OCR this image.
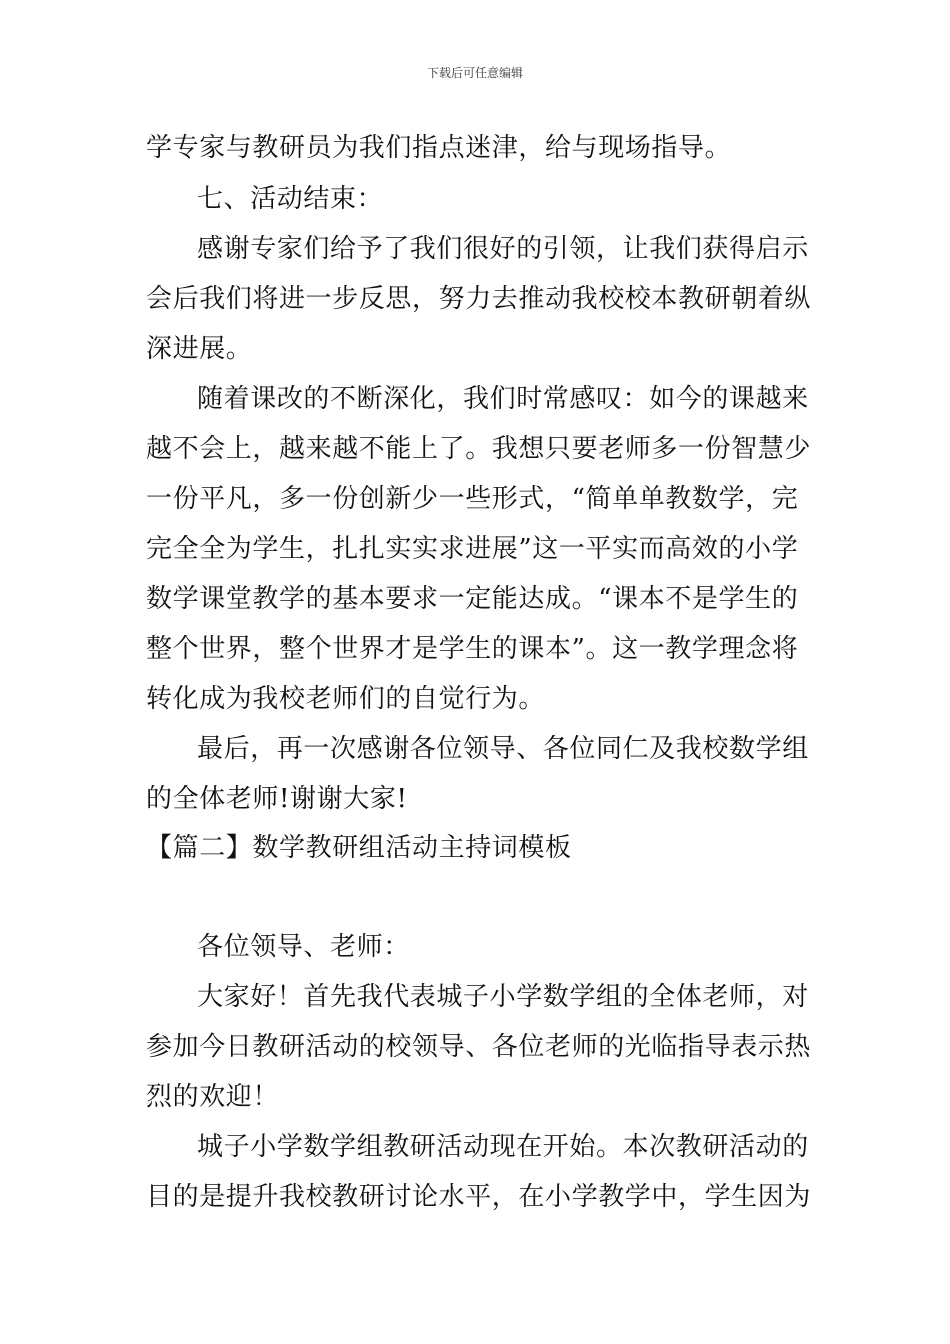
下载后可任意编辑
学专家与教研员为我们指点迷津，给与现场指导。
七、活动结束：
感谢专家们给予了我们很好的引领，让我们获得启示
会后我们将进一步反思，努力去推动我校校本教研朝着纵
深进展。
随着课改的不断深化，我们时常感叹：如今的课越来
越不会上，越来越不能上了。我想只要老师多一份智慧少
一份平凡，多一份创新少一些形式，“简单单教数学，完
完全全为学生，扎扎实实求进展”这一平实而高效的小学
数学课堂教学的基本要求一定能达成。“课本不是学生的
整个世界，整个世界才是学生的课本”。这一教学理念将
转化成为我校老师们的自觉行为。
最后，再一次感谢各位领导、各位同仁及我校数学组
的全体老师!谢谢大家!
【篇二】数学教研组活动主持词模板
各位领导、老师：
大家好！首先我代表城子小学数学组的全体老师，对
参加今日教研活动的校领导、各位老师的光临指导表示热
烈的欢迎！
城子小学数学组教研活动现在开始。本次教研活动的
目的是提升我校教研讨论水平，在小学教学中，学生因为
